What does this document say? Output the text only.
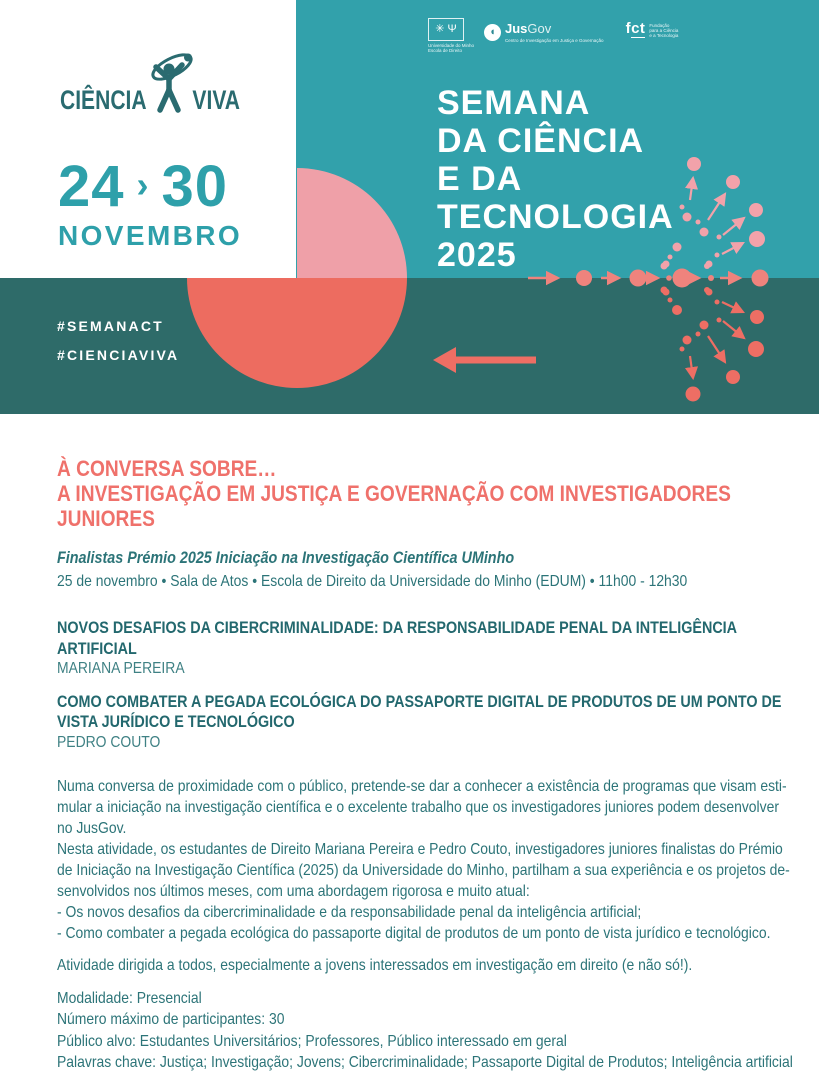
#SEMANACT
#CIENCIAVIVA
CIÊNCIA VIVA
24 › 30
NOVEMBRO
✳ Ψ
Universidade do Minho
Escola de Direito
◖ JusGov
Centro de Investigação em Justiça e Governação
fct Fundação
para a Ciência
e a Tecnologia
SEMANA
DA CIÊNCIA
E DA
TECNOLOGIA
2025
À CONVERSA SOBRE…
A INVESTIGAÇÃO EM JUSTIÇA E GOVERNAÇÃO COM INVESTIGADORES JUNIORES
Finalistas Prémio 2025 Iniciação na Investigação Científica UMinho
25 de novembro • Sala de Atos • Escola de Direito da Universidade do Minho (EDUM) • 11h00 - 12h30
NOVOS DESAFIOS DA CIBERCRIMINALIDADE: DA RESPONSABILIDADE PENAL DA INTELIGÊNCIA ARTIFICIAL
MARIANA PEREIRA
COMO COMBATER A PEGADA ECOLÓGICA DO PASSAPORTE DIGITAL DE PRODUTOS DE UM PONTO DE VISTA JURÍDICO E TECNOLÓGICO
PEDRO COUTO
Numa conversa de proximidade com o público, pretende-se dar a conhecer a existência de programas que visam esti-
mular a iniciação na investigação científica e o excelente trabalho que os investigadores juniores podem desenvolver
no JusGov.
Nesta atividade, os estudantes de Direito Mariana Pereira e Pedro Couto, investigadores juniores finalistas do Prémio
de Iniciação na Investigação Científica (2025) da Universidade do Minho, partilham a sua experiência e os projetos de-
senvolvidos nos últimos meses, com uma abordagem rigorosa e muito atual:
- Os novos desafios da cibercriminalidade e da responsabilidade penal da inteligência artificial;
- Como combater a pegada ecológica do passaporte digital de produtos de um ponto de vista jurídico e tecnológico.
Atividade dirigida a todos, especialmente a jovens interessados em investigação em direito (e não só!).
Modalidade: Presencial
Número máximo de participantes: 30
Público alvo: Estudantes Universitários; Professores, Público interessado em geral
Palavras chave: Justiça; Investigação; Jovens; Cibercriminalidade; Passaporte Digital de Produtos; Inteligência artificial
